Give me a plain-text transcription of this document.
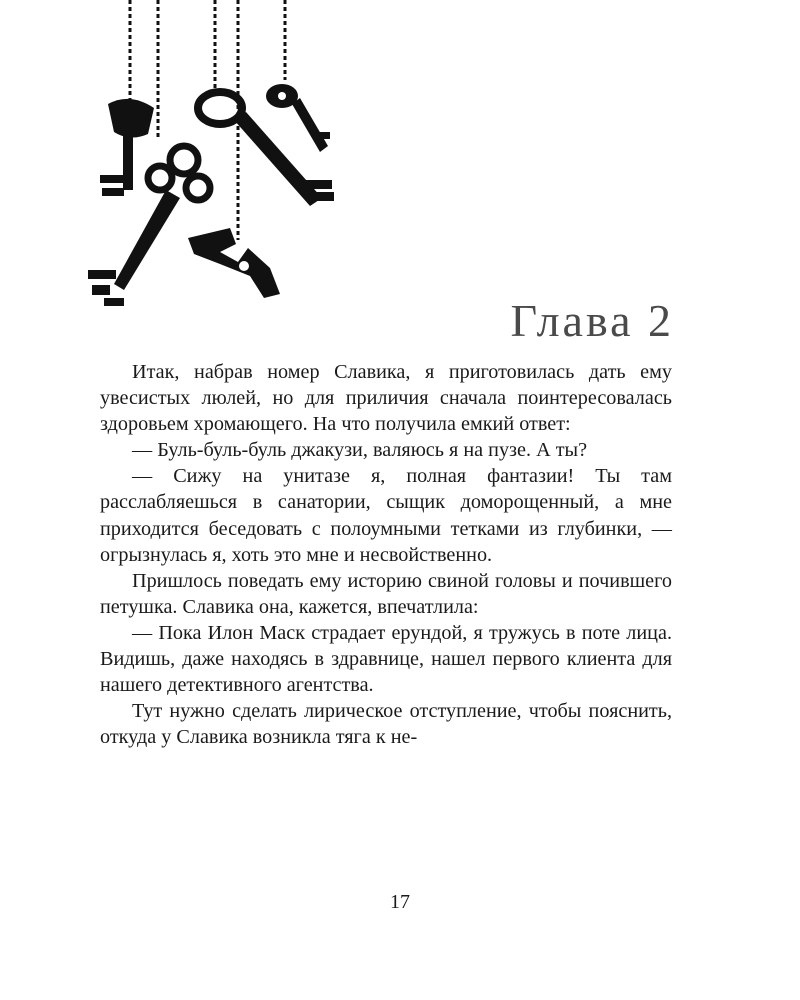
Глава 2

Итак, набрав номер Славика, я приготовилась дать ему увесистых люлей, но для приличия сначала поинтересовалась здоровьем хромающего. На что получила емкий ответ:

— Буль-буль-буль джакузи, валяюсь я на пузе. А ты?

— Сижу на унитазе я, полная фантазии! Ты там расслабляешься в санатории, сыщик доморощенный, а мне приходится беседовать с полоумными тетками из глубинки, — огрызнулась я, хоть это мне и несвойственно.

Пришлось поведать ему историю свиной головы и почившего петушка. Славика она, кажется, впечатлила:

— Пока Илон Маск страдает ерундой, я тружусь в поте лица. Видишь, даже находясь в здравнице, нашел первого клиента для нашего детективного агентства.

Тут нужно сделать лирическое отступление, чтобы пояснить, откуда у Славика возникла тяга к не-

17
